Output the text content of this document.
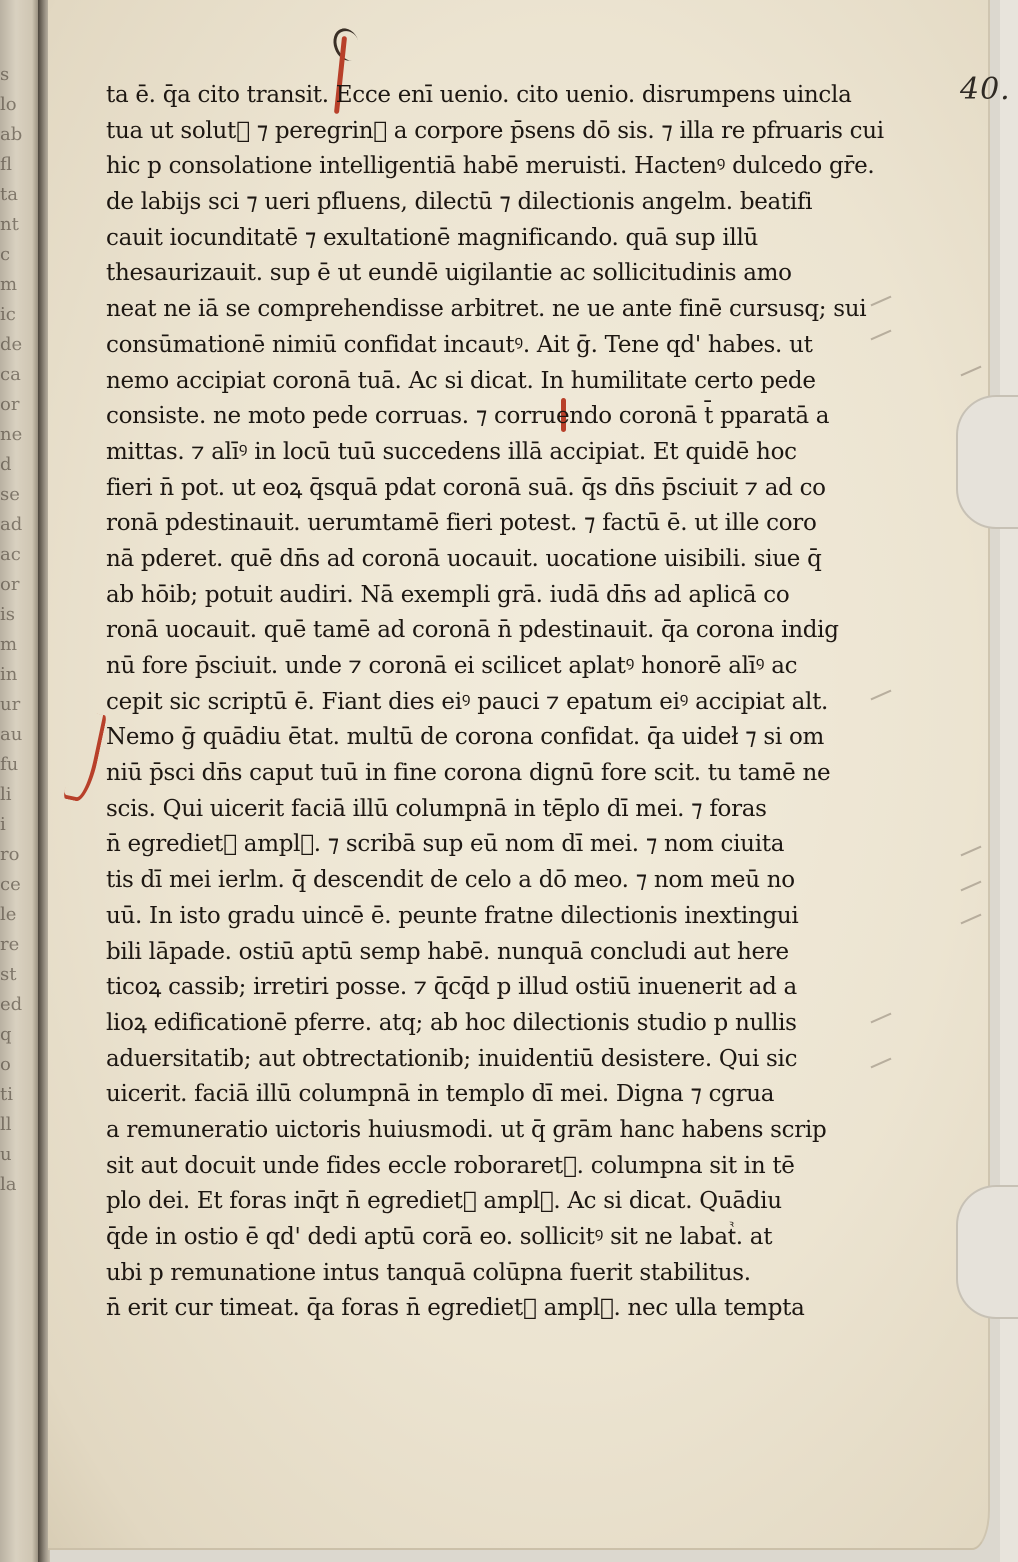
s
lo
ab
fl
ta
nt
c
m
ic
de
ca
or
ne
d
se
ad
ac
or
is
m
in
ur
au
fu
li
i
ro
ce
le
re
st
ed
q
o
ti
ll
u
la
40.
ta ē. q̄a cito transit. Ecce enī uenio. cito uenio. disrumpens uincla
tua ut solut᷒ ⁊ peregrinꝰ a corpore p̄sens dō sis. ⁊ illa re pfruaris cui
hic p consolatione intelligentiā habē meruisti. Hactenꝰ dulcedo gr̄e.
de labijs sci ⁊ ueri pfluens, dilectū ⁊ dilectionis angelm. beatifi
cauit iocunditatē ⁊ exultationē magnificando. quā sup illū
thesaurizauit. sup ē ut eundē uigilantie ac sollicitudinis amo
neat ne iā se comprehendisse arbitret. ne ue ante finē cursusq; sui
consūmationē nimiū confidat incautꝰ. Ait ḡ. Tene qd' habes. ut
nemo accipiat coronā tuā. Ac si dicat. In humilitate certo pede
consiste. ne moto pede corruas. ⁊ corruendo coronā t̄ pparatā a
mittas. ⁊ alīꝰ in locū tuū succedens illā accipiat. Et quidē hoc
fieri n̄ pot. ut eoꝝ q̄squā pdat coronā suā. q̄s dn̄s p̄sciuit ⁊ ad co
ronā pdestinauit. uerumtamē fieri potest. ⁊ factū ē. ut ille coro
nā pderet. quē dn̄s ad coronā uocauit. uocatione uisibili. siue q̄
ab hōib; potuit audiri. Nā exempli grā. iudā dn̄s ad aplicā co
ronā uocauit. quē tamē ad coronā n̄ pdestinauit. q̄a corona indig
nū fore p̄sciuit. unde ⁊ coronā ei scilicet aplatꝰ honorē alīꝰ ac
cepit sic scriptū ē. Fiant dies eiꝰ pauci ⁊ epatum eiꝰ accipiat alt.
Nemo ḡ quādiu ētat. multū de corona confidat. q̄a uideł ⁊ si om
niū p̄sci dn̄s caput tuū in fine corona dignū fore scit. tu tamē ne
scis. Qui uicerit faciā illū columpnā in tēplo dī mei. ⁊ foras
n̄ egredietᷣ amplꝰ. ⁊ scribā sup eū nom dī mei. ⁊ nom ciuita
tis dī mei ierlm. q̄ descendit de celo a dō meo. ⁊ nom meū no
uū. In isto gradu uincē ē. peunte fratne dilectionis inextingui
bili lāpade. ostiū aptū semp habē. nunquā concludi aut here
ticoꝝ cassib; irretiri posse. ⁊ q̄cq̄d p illud ostiū inuenerit ad a
lioꝝ edificationē pferre. atq; ab hoc dilectionis studio p nullis
aduersitatib; aut obtrectationib; inuidentiū desistere. Qui sic
uicerit. faciā illū columpnā in templo dī mei. Digna ⁊ cgrua
a remuneratio uictoris huiusmodi. ut q̄ grām hanc habens scrip
sit aut docuit unde fides eccle roboraretᷣ. columpna sit in tē
plo dei. Et foras inq̄t n̄ egredietᷣ amplꝰ. Ac si dicat. Quādiu
q̄de in ostio ē qd' dedi aptū corā eo. sollicitꝰ sit ne labatᷣ. at
ubi p remunatione intus tanquā colūpna fuerit stabilitus.
n̄ erit cur timeat. q̄a foras n̄ egredietᷣ amplꝰ. nec ulla tempta
